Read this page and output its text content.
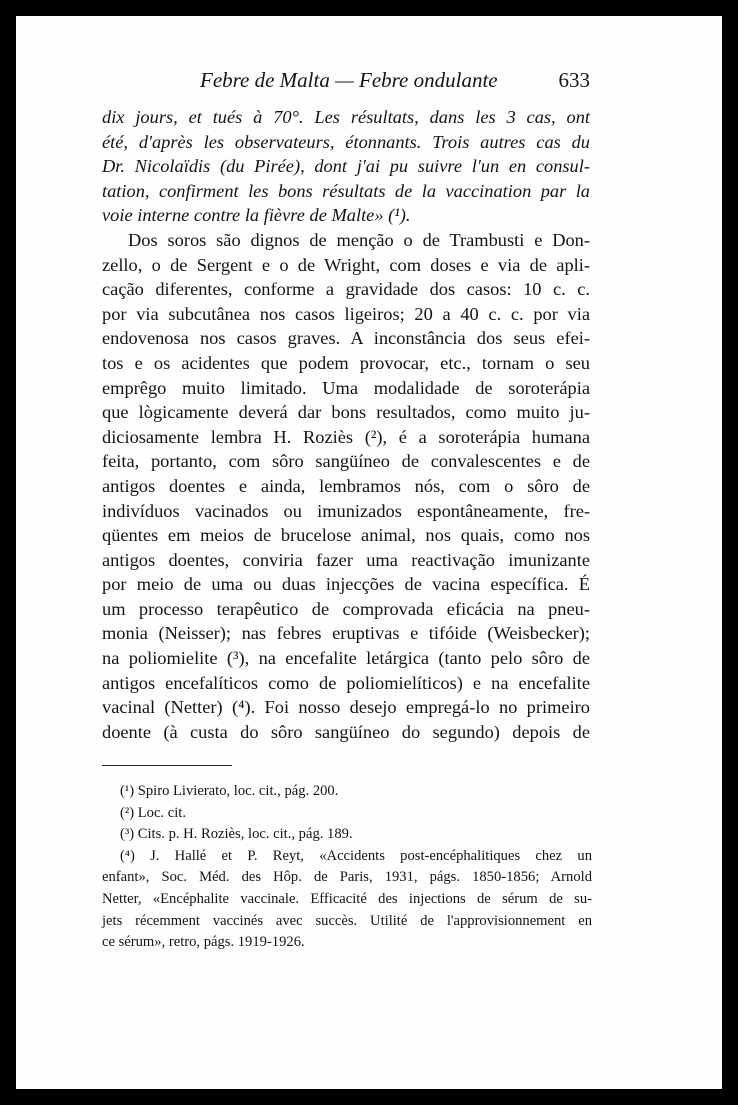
Febre de Malta — Febre ondulante	633
dix jours, et tués à 70°. Les résultats, dans les 3 cas, ont
été, d'après les observateurs, étonnants. Trois autres cas du
Dr. Nicolaïdis (du Pirée), dont j'ai pu suivre l'un en consul-
tation, confirment les bons résultats de la vaccination par la
voie interne contre la fièvre de Malte» (¹).
Dos soros são dignos de menção o de Trambusti e Don-
zello, o de Sergent e o de Wright, com doses e via de apli-
cação diferentes, conforme a gravidade dos casos: 10 c. c.
por via subcutânea nos casos ligeiros; 20 a 40 c. c. por via
endovenosa nos casos graves. A inconstância dos seus efei-
tos e os acidentes que podem provocar, etc., tornam o seu
emprêgo muito limitado. Uma modalidade de soroterápia
que lògicamente deverá dar bons resultados, como muito ju-
diciosamente lembra H. Roziès (²), é a soroterápia humana
feita, portanto, com sôro sangüíneo de convalescentes e de
antigos doentes e ainda, lembramos nós, com o sôro de
indivíduos vacinados ou imunizados espontâneamente, fre-
qüentes em meios de brucelose animal, nos quais, como nos
antigos doentes, conviria fazer uma reactivação imunizante
por meio de uma ou duas injecções de vacina específica. É
um processo terapêutico de comprovada eficácia na pneu-
monia (Neisser); nas febres eruptivas e tifóide (Weisbecker);
na poliomielite (³), na encefalite letárgica (tanto pelo sôro de
antigos encefalíticos como de poliomielíticos) e na encefalite
vacinal (Netter) (⁴). Foi nosso desejo empregá-lo no primeiro
doente (à custa do sôro sangüíneo do segundo) depois de
(¹) Spiro Livierato, loc. cit., pág. 200.
(²) Loc. cit.
(³) Cits. p. H. Roziès, loc. cit., pág. 189.
(⁴) J. Hallé et P. Reyt, «Accidents post-encéphalitiques chez un
enfant», Soc. Méd. des Hôp. de Paris, 1931, págs. 1850-1856; Arnold
Netter, «Encéphalite vaccinale. Efficacité des injections de sérum de su-
jets récemment vaccinés avec succès. Utilité de l'approvisionnement en
ce sérum», retro, págs. 1919-1926.
